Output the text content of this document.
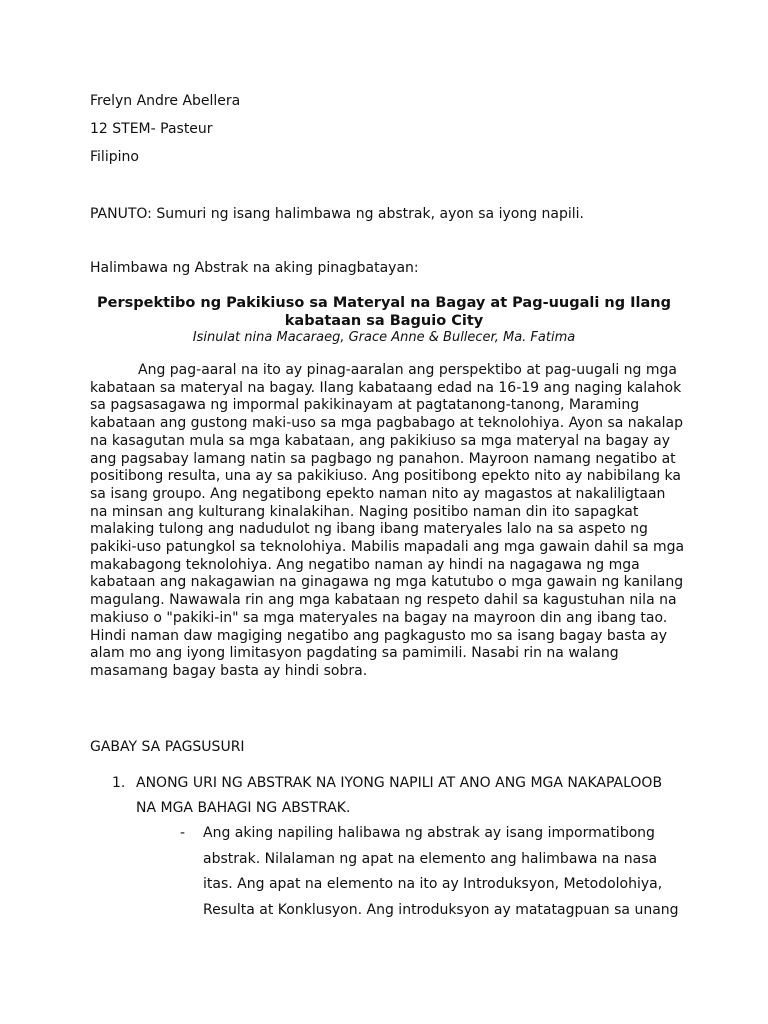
Frelyn Andre Abellera
12 STEM- Pasteur
Filipino
PANUTO: Sumuri ng isang halimbawa ng abstrak, ayon sa iyong napili.
Halimbawa ng Abstrak na aking pinagbatayan:
Perspektibo ng Pakikiuso sa Materyal na Bagay at Pag-uugali ng Ilang
kabataan sa Baguio City
Isinulat nina Macaraeg, Grace Anne & Bullecer, Ma. Fatima
Ang pag-aaral na ito ay pinag-aaralan ang perspektibo at pag-uugali ng mga
kabataan sa materyal na bagay. Ilang kabataang edad na 16-19 ang naging kalahok
sa pagsasagawa ng impormal pakikinayam at pagtatanong-tanong, Maraming
kabataan ang gustong maki-uso sa mga pagbabago at teknolohiya. Ayon sa nakalap
na kasagutan mula sa mga kabataan, ang pakikiuso sa mga materyal na bagay ay
ang pagsabay lamang natin sa pagbago ng panahon. Mayroon namang negatibo at
positibong resulta, una ay sa pakikiuso. Ang positibong epekto nito ay nabibilang ka
sa isang groupo. Ang negatibong epekto naman nito ay magastos at nakaliligtaan
na minsan ang kulturang kinalakihan. Naging positibo naman din ito sapagkat
malaking tulong ang nadudulot ng ibang ibang materyales lalo na sa aspeto ng
pakiki-uso patungkol sa teknolohiya. Mabilis mapadali ang mga gawain dahil sa mga
makabagong teknolohiya. Ang negatibo naman ay hindi na nagagawa ng mga
kabataan ang nakagawian na ginagawa ng mga katutubo o mga gawain ng kanilang
magulang. Nawawala rin ang mga kabataan ng respeto dahil sa kagustuhan nila na
makiuso o "pakiki-in" sa mga materyales na bagay na mayroon din ang ibang tao.
Hindi naman daw magiging negatibo ang pagkagusto mo sa isang bagay basta ay
alam mo ang iyong limitasyon pagdating sa pamimili. Nasabi rin na walang
masamang bagay basta ay hindi sobra.
GABAY SA PAGSUSURI
1. ANONG URI NG ABSTRAK NA IYONG NAPILI AT ANO ANG MGA NAKAPALOOB
NA MGA BAHAGI NG ABSTRAK.
- Ang aking napiling halibawa ng abstrak ay isang impormatibong
abstrak. Nilalaman ng apat na elemento ang halimbawa na nasa
itas. Ang apat na elemento na ito ay Introduksyon, Metodolohiya,
Resulta at Konklusyon. Ang introduksyon ay matatagpuan sa unang
